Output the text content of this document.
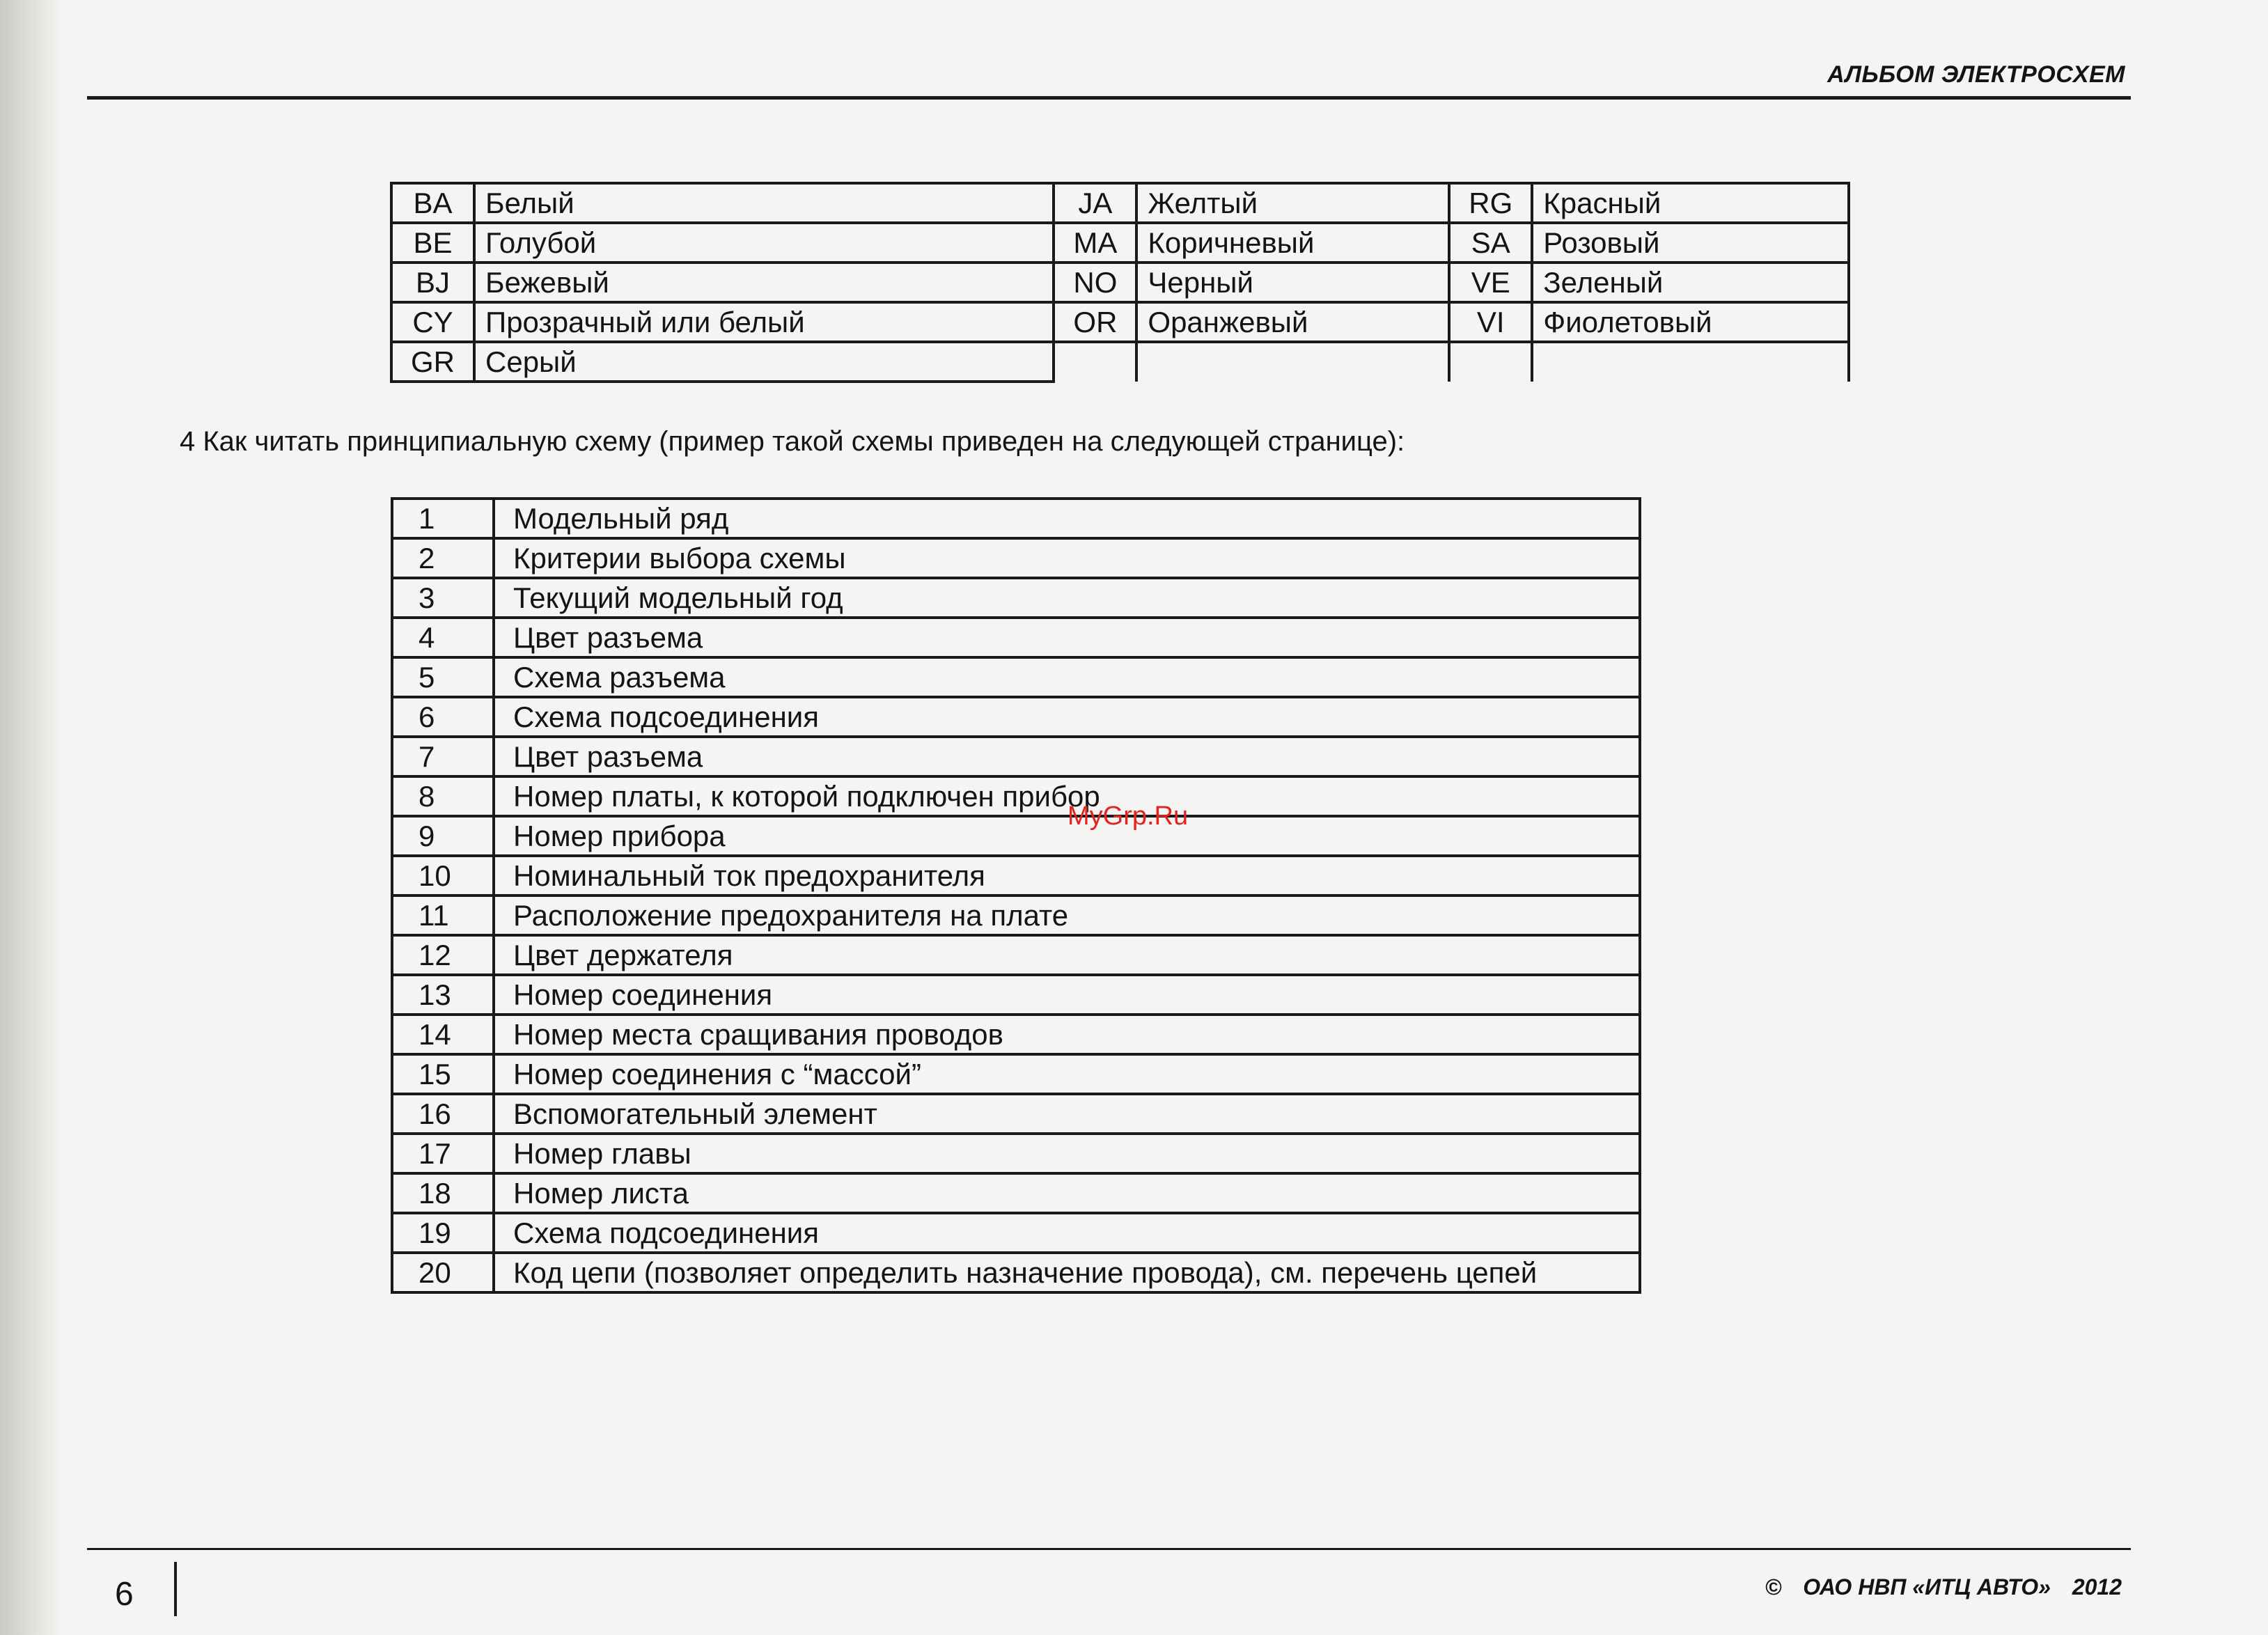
АЛЬБОМ ЭЛЕКТРОСХЕМ
BA	Белый	JA	Желтый	RG	Красный
BE	Голубой	MA	Коричневый	SA	Розовый
BJ	Бежевый	NO	Черный	VE	Зеленый
CY	Прозрачный или белый	OR	Оранжевый	VI	Фиолетовый
GR	Серый				
4 Как читать принципиальную схему (пример такой схемы приведен на следующей странице):
1	Модельный ряд
2	Критерии выбора схемы
3	Текущий модельный год
4	Цвет разъема
5	Схема разъема
6	Схема подсоединения
7	Цвет разъема
8	Номер платы, к которой подключен прибор
9	Номер прибора
10	Номинальный ток предохранителя
11	Расположение предохранителя на плате
12	Цвет держателя
13	Номер соединения
14	Номер места сращивания проводов
15	Номер соединения с “массой”
16	Вспомогательный элемент
17	Номер главы
18	Номер листа
19	Схема подсоединения
20	Код цепи (позволяет определить назначение провода), см. перечень цепей
MyGrp.Ru
6	© ОАО НВП «ИТЦ АВТО» 2012
